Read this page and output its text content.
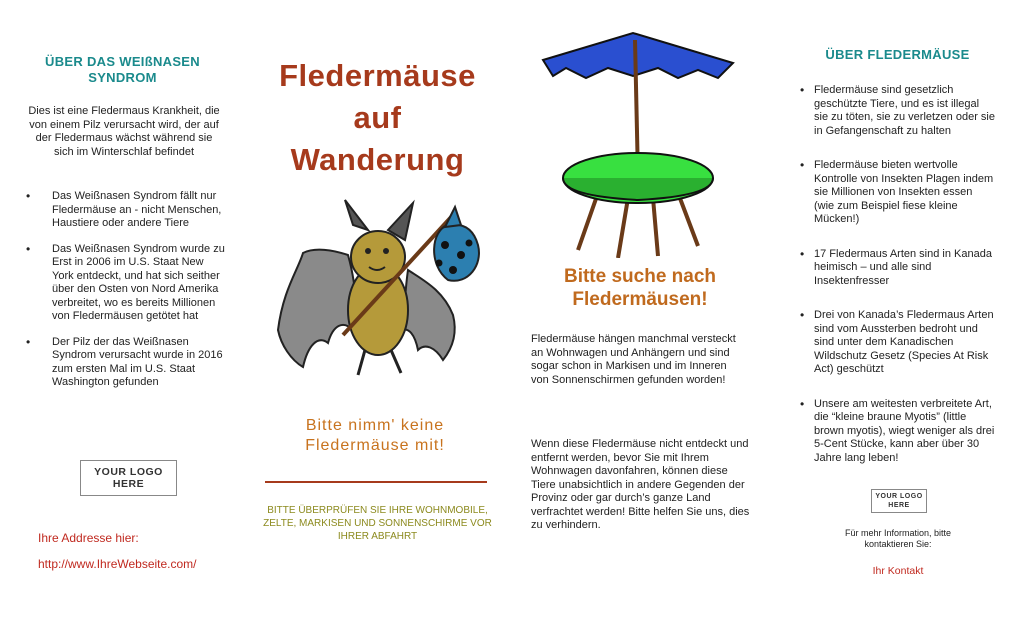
ÜBER DAS WEIßNASEN SYNDROM

Dies ist eine Fledermaus Krankheit, die von einem Pilz verursacht wird, der auf der Fledermaus wächst während sie sich im Winterschlaf befindet

• Das Weißnasen Syndrom fällt nur Fledermäuse an - nicht Menschen, Haustiere oder andere Tiere
• Das Weißnasen Syndrom wurde zu Erst in 2006 im U.S. Staat New York entdeckt, und hat sich seither über den Osten von Nord Amerika verbreitet, wo es bereits Millionen von Fledermäusen getötet hat
• Der Pilz der das Weißnasen Syndrom verursacht wurde in 2016 zum ersten Mal im U.S. Staat Washington gefunden
YOUR LOGO HERE
Ihre Addresse hier:
http://www.IhreWebseite.com/
Fledermäuse
auf
Wanderung

Bitte nimm' keine
Fledermäuse mit!

BITTE ÜBERPRÜFEN SIE IHRE WOHNMOBILE, ZELTE, MARKISEN UND SONNENSCHIRME VOR IHRER ABFAHRT

Bitte suche nach Fledermäusen!

Fledermäuse hängen manchmal versteckt an Wohnwagen und Anhängern und sind sogar schon in Markisen und im Inneren von Sonnenschirmen gefunden worden!

Wenn diese Fledermäuse nicht entdeckt und entfernt werden, bevor Sie mit Ihrem Wohnwagen davonfahren, können diese Tiere unabsichtlich in andere Gegenden der Provinz oder gar durch’s ganze Land verfrachtet werden! Bitte helfen Sie uns, dies zu verhindern.

ÜBER FLEDERMÄUSE
• Fledermäuse sind gesetzlich geschützte Tiere, und es ist illegal sie zu töten, sie zu verletzen oder sie in Gefangenschaft zu halten
• Fledermäuse bieten wertvolle Kontrolle von Insekten Plagen indem sie Millionen von Insekten essen (wie zum Beispiel fiese kleine Mücken!)
• 17 Fledermaus Arten sind in Kanada heimisch – und alle sind Insektenfresser
• Drei von Kanada’s Fledermaus Arten sind vom Aussterben bedroht und sind unter dem Kanadischen Wildschutz Gesetz (Species At Risk Act) geschützt
• Unsere am weitesten verbreitete Art, die “kleine braune Myotis” (little brown myotis), wiegt weniger als drei 5-Cent Stücke, kann aber über 30 Jahre lang leben!
YOUR LOGO HERE

Für mehr Information, bitte kontaktieren Sie:

Ihr Kontakt
